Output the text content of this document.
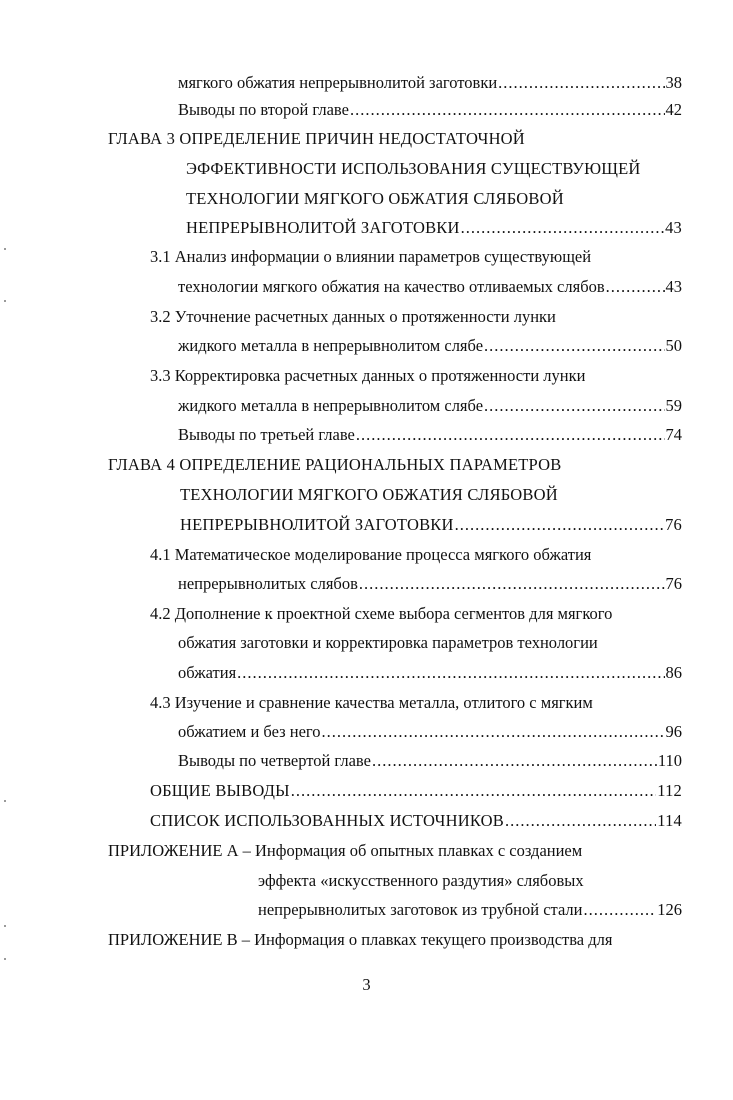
мягкого обжатия непрерывнолитой заготовки .....	38
Выводы по второй главе .....	42
ГЛАВА 3 ОПРЕДЕЛЕНИЕ ПРИЧИН НЕДОСТАТОЧНОЙ
ЭФФЕКТИВНОСТИ ИСПОЛЬЗОВАНИЯ СУЩЕСТВУЮЩЕЙ
ТЕХНОЛОГИИ МЯГКОГО ОБЖАТИЯ СЛЯБОВОЙ
НЕПРЕРЫВНОЛИТОЙ ЗАГОТОВКИ .....	43
3.1 Анализ информации о влиянии параметров существующей
технологии мягкого обжатия на качество отливаемых слябов .....	43
3.2 Уточнение расчетных данных о протяженности лунки
жидкого металла в непрерывнолитом слябе .....	50
3.3 Корректировка расчетных данных о протяженности лунки
жидкого металла в непрерывнолитом слябе .....	59
Выводы по третьей главе .....	74
ГЛАВА 4 ОПРЕДЕЛЕНИЕ РАЦИОНАЛЬНЫХ ПАРАМЕТРОВ
ТЕХНОЛОГИИ МЯГКОГО ОБЖАТИЯ СЛЯБОВОЙ
НЕПРЕРЫВНОЛИТОЙ ЗАГОТОВКИ .....	76
4.1 Математическое моделирование процесса мягкого обжатия
непрерывнолитых слябов .....	76
4.2 Дополнение к проектной схеме выбора сегментов для мягкого
обжатия заготовки и корректировка параметров технологии
обжатия .....	86
4.3 Изучение и сравнение качества металла, отлитого с мягким
обжатием и без него .....	96
Выводы по четвертой главе .....	110
ОБЩИЕ ВЫВОДЫ .....	112
СПИСОК ИСПОЛЬЗОВАННЫХ ИСТОЧНИКОВ .....	114
ПРИЛОЖЕНИЕ А – Информация об опытных плавках с созданием
эффекта «искусственного раздутия» слябовых
непрерывнолитых заготовок из трубной стали .....	126
ПРИЛОЖЕНИЕ В – Информация о плавках текущего производства для
3
